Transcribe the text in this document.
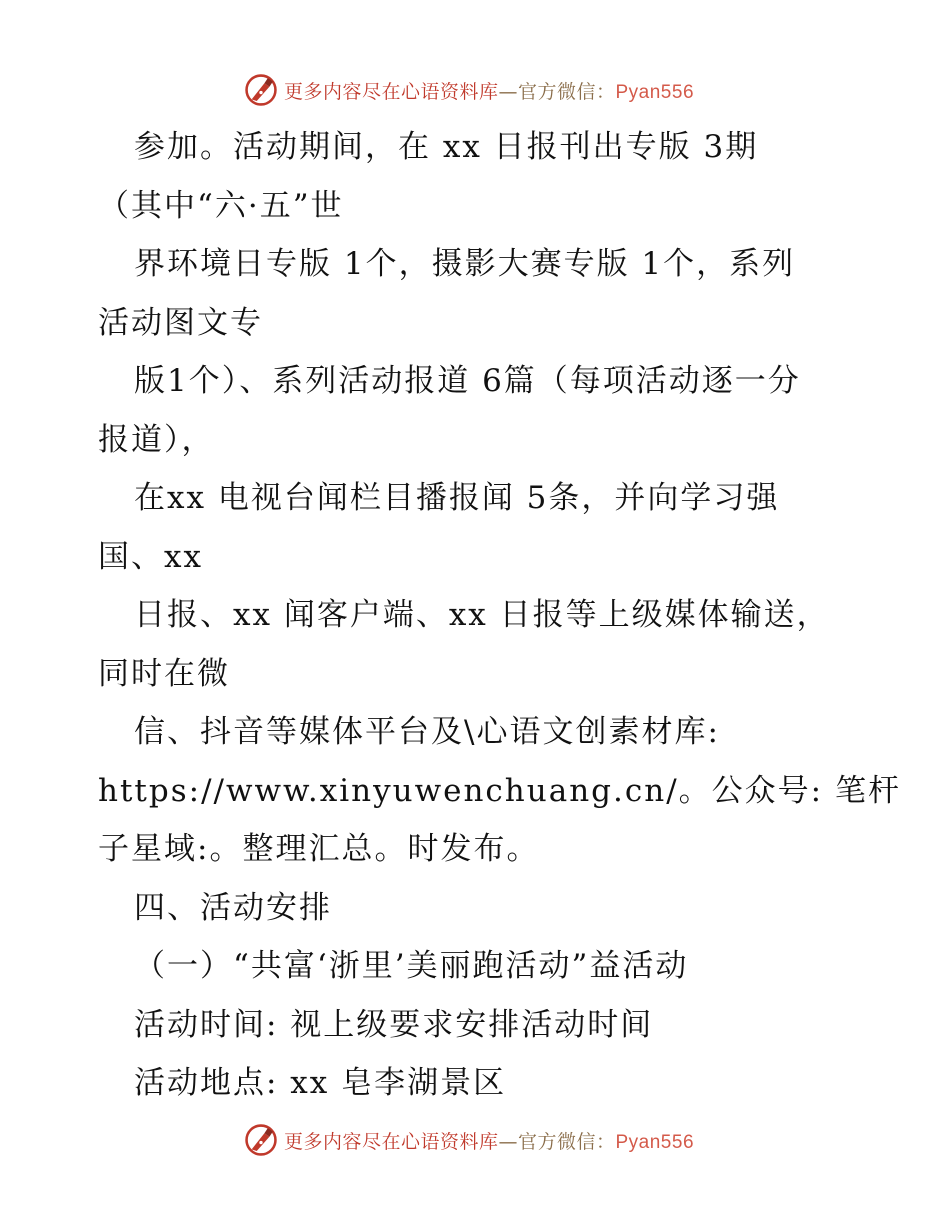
更多内容尽在心语资料库—官方微信：Pyan556
参加。活动期间，在 xx 日报刊出专版 3期
（其中“六·五”世
界环境日专版 1个，摄影大赛专版 1个，系列
活动图文专
版1个）、系列活动报道 6篇（每项活动逐一分
报道），
在xx 电视台闻栏目播报闻 5条，并向学习强
国、xx
日报、xx 闻客户端、xx 日报等上级媒体输送，
同时在微
信、抖音等媒体平台及\心语文创素材库:
https://www.xinyuwenchuang.cn/。公众号: 笔杆
子星域:。整理汇总。时发布。
四、活动安排
（一）“共富‘浙里’美丽跑活动”益活动
活动时间: 视上级要求安排活动时间
活动地点: xx 皂李湖景区
更多内容尽在心语资料库—官方微信：Pyan556
